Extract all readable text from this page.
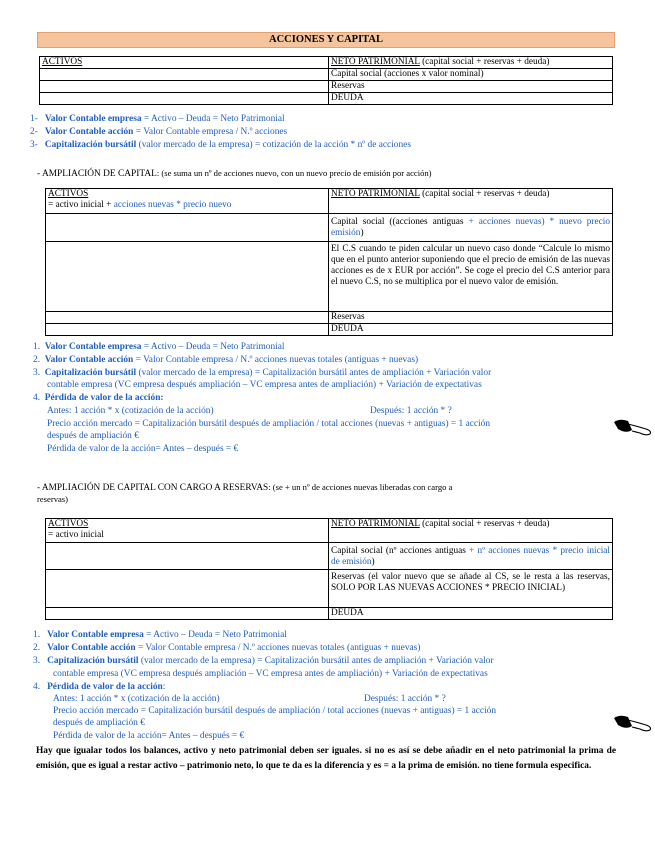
ACCIONES Y CAPITAL
ACTIVOS	NETO PATRIMONIAL (capital social + reservas + deuda)
	Capital social (acciones x valor nominal)
	Reservas
	DEUDA
1- Valor Contable empresa = Activo – Deuda = Neto Patrimonial
2- Valor Contable acción = Valor Contable empresa / N.º acciones
3- Capitalización bursátil (valor mercado de la empresa) = cotización de la acción * nº de acciones
- AMPLIACIÓN DE CAPITAL: (se suma un nº de acciones nuevo, con un nuevo precio de emisión por acción)
ACTIVOS
= activo inicial + acciones nuevas * precio nuevo	NETO PATRIMONIAL (capital social + reservas + deuda)
	Capital social ((acciones antiguas + acciones nuevas) * nuevo precio emisión)
	El C.S cuando te piden calcular un nuevo caso donde “Calcule lo mismo que en el punto anterior suponiendo que el precio de emisión de las nuevas acciones es de x EUR por acción”. Se coge el precio del C.S anterior para el nuevo C.S, no se multiplica por el nuevo valor de emisión.
	Reservas
	DEUDA
1. Valor Contable empresa = Activo – Deuda = Neto Patrimonial
2. Valor Contable acción = Valor Contable empresa / N.º acciones nuevas totales (antiguas + nuevas)
3. Capitalización bursátil (valor mercado de la empresa) = Capitalización bursátil antes de ampliación + Variación valor
contable empresa (VC empresa después ampliación – VC empresa antes de ampliación) + Variación de expectativas
4. Pérdida de valor de la acción:
Antes: 1 acción * x (cotización de la acción)	Después: 1 acción * ?
Precio acción mercado = Capitalización bursátil después de ampliación / total acciones (nuevas + antiguas) = 1 acción
después de ampliación €
Pérdida de valor de la acción= Antes – después = €
- AMPLIACIÓN DE CAPITAL CON CARGO A RESERVAS: (se + un nº de acciones nuevas liberadas con cargo a
reservas)
ACTIVOS
= activo inicial	NETO PATRIMONIAL (capital social + reservas + deuda)
	Capital social (nº acciones antiguas + nº acciones nuevas * precio inicial de emisión)
	Reservas (el valor nuevo que se añade al CS, se le resta a las reservas, SOLO POR LAS NUEVAS ACCIONES * PRECIO INICIAL)
	DEUDA
1. Valor Contable empresa = Activo – Deuda = Neto Patrimonial
2. Valor Contable acción = Valor Contable empresa / N.º acciones nuevas totales (antiguas + nuevas)
3. Capitalización bursátil (valor mercado de la empresa) = Capitalización bursátil antes de ampliación + Variación valor
contable empresa (VC empresa después ampliación – VC empresa antes de ampliación) + Variación de expectativas
4. Pérdida de valor de la acción:
Antes: 1 acción * x (cotización de la acción)	Después: 1 acción * ?
Precio acción mercado = Capitalización bursátil después de ampliación / total acciones (nuevas + antiguas) = 1 acción
después de ampliación €
Pérdida de valor de la acción= Antes – después = €
Hay que igualar todos los balances, activo y neto patrimonial deben ser iguales. si no es así se debe añadir en el neto patrimonial la prima de emisión, que es igual a restar activo – patrimonio neto, lo que te da es la diferencia y es = a la prima de emisión. no tiene formula especifica.
